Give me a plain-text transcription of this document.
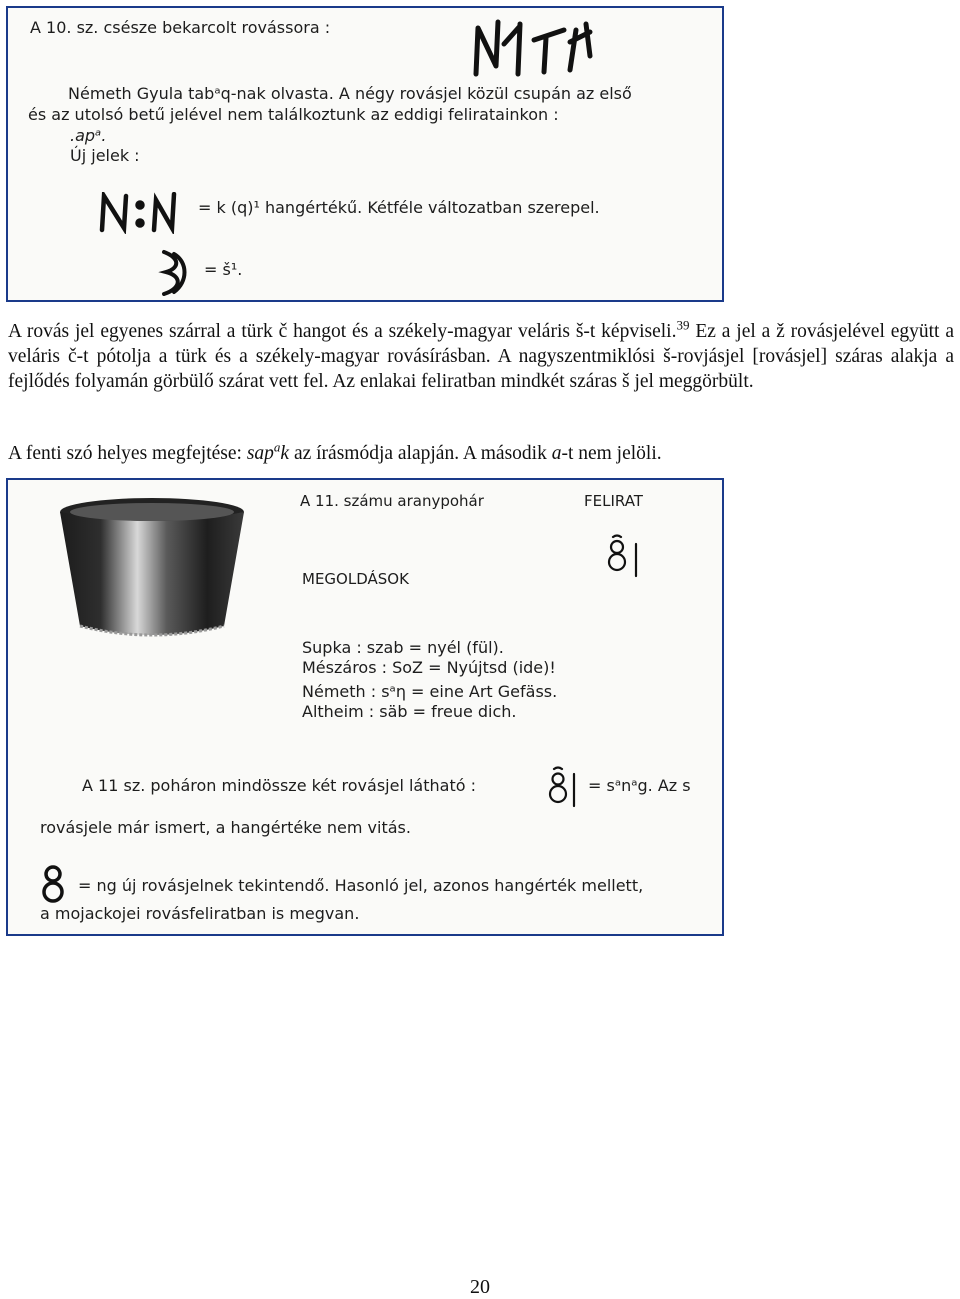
A 10. sz. csésze bekarcolt rovássora :
Németh Gyula tabᵃq-nak olvasta. A négy rovásjel közül csupán az első
és az utolsó betű jelével nem találkoztunk az eddigi feliratainkon :
.apᵃ.
Új jelek :
= k (q)¹ hangértékű. Kétféle változatban szerepel.
= š¹.
A rovás jel egyenes szárral a türk č hangot és a székely-magyar veláris š-t képviseli.$^{39}$ Ez a jel a ž rovásjelével együtt a veláris č-t pótolja a türk és a székely-magyar rovásírásban. A nagyszentmiklósi š-rovjásjel [rovásjel] száras alakja a fejlődés folyamán görbülő szárat vett fel. Az enlakai feliratban mindkét száras š jel meggörbült.
A fenti szó helyes megfejtése: sap$^a$k az írásmódja alapján. A második a-t nem jelöli.
A 11. számu aranypohár	FELIRAT
MEGOLDÁSOK
Supka : szab = nyél (fül).
Mészáros : SoZ = Nyújtsd (ide)!
Németh : sᵃη = eine Art Gefäss.
Altheim : säb = freue dich.
A 11 sz. poháron mindössze két rovásjel látható :	= sᵃnᵃg. Az s
rovásjele már ismert, a hangértéke nem vitás.
= ng új rovásjelnek tekintendő. Hasonló jel, azonos hangérték mellett,
a mojackojei rovásfeliratban is megvan.
20
